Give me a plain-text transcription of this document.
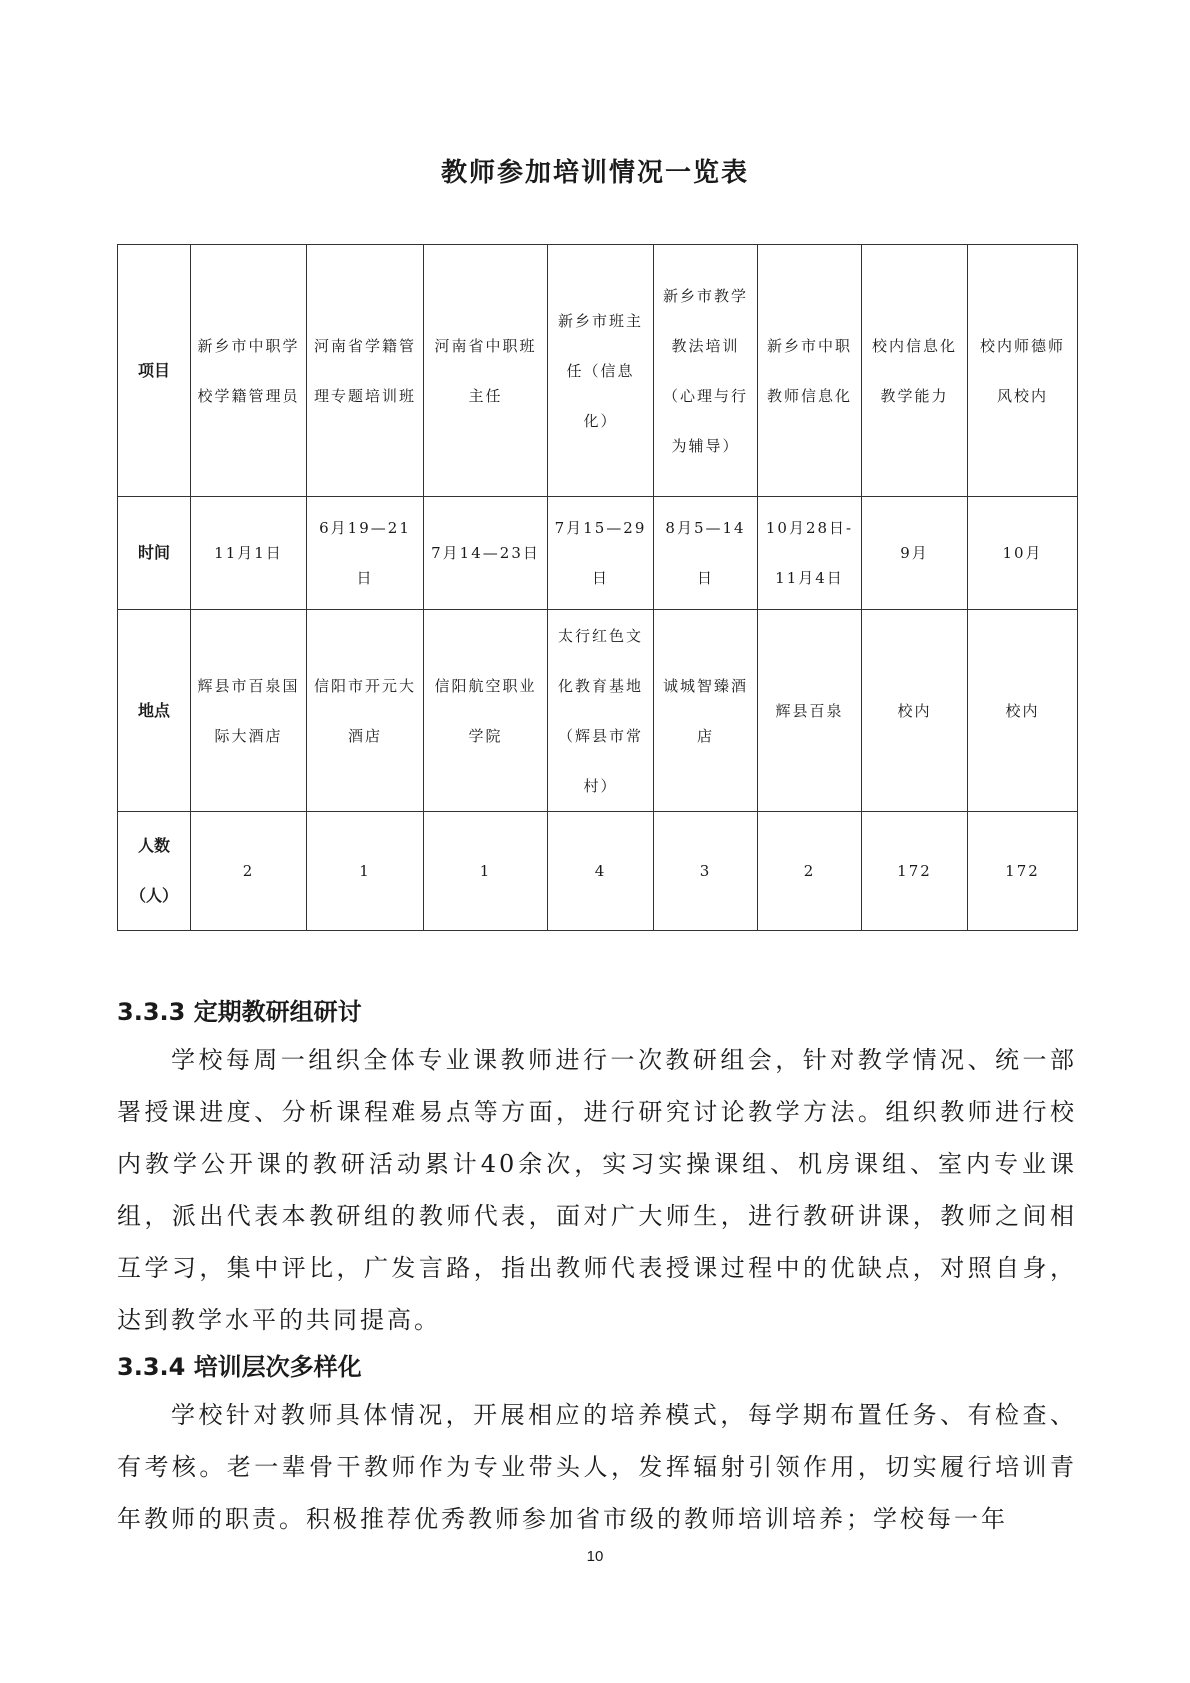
教师参加培训情况一览表
项目	新乡市中职学校学籍管理员	河南省学籍管理专题培训班	河南省中职班主任	新乡市班主任（信息化）	新乡市教学教法培训（心理与行为辅导）	新乡市中职教师信息化	校内信息化教学能力	校内师德师风校内
时间	11月1日	6月19—21日	7月14—23日	7月15—29日	8月5—14日	10月28日-11月4日	9月	10月
地点	辉县市百泉国际大酒店	信阳市开元大酒店	信阳航空职业学院	太行红色文化教育基地（辉县市常村）	诚城智臻酒店	辉县百泉	校内	校内
人数（人）	2	1	1	4	3	2	172	172
3.3.3 定期教研组研讨
学校每周一组织全体专业课教师进行一次教研组会，针对教学情况、统一部署授课进度、分析课程难易点等方面，进行研究讨论教学方法。组织教师进行校内教学公开课的教研活动累计40余次，实习实操课组、机房课组、室内专业课组，派出代表本教研组的教师代表，面对广大师生，进行教研讲课，教师之间相互学习，集中评比，广发言路，指出教师代表授课过程中的优缺点，对照自身，达到教学水平的共同提高。
3.3.4 培训层次多样化
学校针对教师具体情况，开展相应的培养模式，每学期布置任务、有检查、有考核。老一辈骨干教师作为专业带头人，发挥辐射引领作用，切实履行培训青年教师的职责。积极推荐优秀教师参加省市级的教师培训培养；学校每一年
10
